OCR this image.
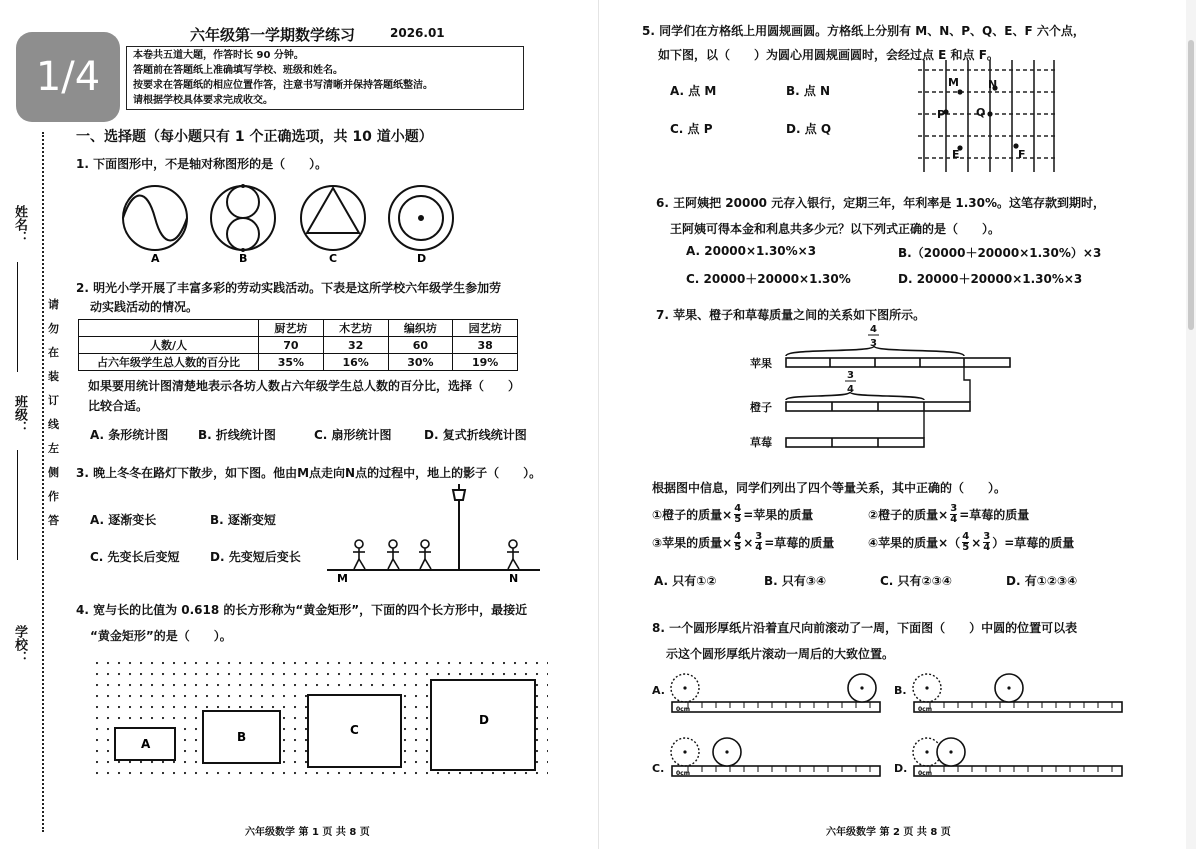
1/4
姓名：
班级：
学校：
请
勿
在
装
订
线
左
侧
作
答
六年级第一学期数学练习	2026.01
本卷共五道大题，作答时长 90 分钟。
答题前在答题纸上准确填写学校、班级和姓名。
按要求在答题纸的相应位置作答，注意书写清晰并保持答题纸整洁。
请根据学校具体要求完成收交。
一、选择题（每小题只有 1 个正确选项，共 10 道小题）
1. 下面图形中，不是轴对称图形的是（　　）。
A	B	C	D
2. 明光小学开展了丰富多彩的劳动实践活动。下表是这所学校六年级学生参加劳
动实践活动的情况。
	厨艺坊	木艺坊	编织坊	园艺坊
人数/人	70	32	60	38
占六年级学生总人数的百分比	35%	16%	30%	19%
如果要用统计图清楚地表示各坊人数占六年级学生总人数的百分比，选择（　　）
比较合适。
A. 条形统计图 B. 折线统计图	C. 扇形统计图	D. 复式折线统计图
3. 晚上冬冬在路灯下散步，如下图。他由M点走向N点的过程中，地上的影子（　　）。
A. 逐渐变长	B. 逐渐变短
C. 先变长后变短	D. 先变短后变长
M	N
4. 宽与长的比值为 0.618 的长方形称为“黄金矩形”，下面的四个长方形中，最接近
“黄金矩形”的是（　　）。
A	B	C
D
六年级数学 第 1 页 共 8 页
5. 同学们在方格纸上用圆规画圆。方格纸上分别有 M、N、P、Q、E、F 六个点，
如下图，以（　　）为圆心用圆规画圆时，会经过点 E 和点 F。
A. 点 M	B. 点 N
C. 点 P	D. 点 Q
M	N
P	Q
E	F
6. 王阿姨把 20000 元存入银行，定期三年，年利率是 1.30%。这笔存款到期时，
王阿姨可得本金和利息共多少元？以下列式正确的是（　　）。
A. 20000×1.30%×3	B.（20000＋20000×1.30%）×3
C. 20000＋20000×1.30%	D. 20000＋20000×1.30%×3
7. 苹果、橙子和草莓质量之间的关系如下图所示。
苹果
橙子
草莓
4
3
3
4
根据图中信息，同学们列出了四个等量关系，其中正确的（　　）。
①橙子的质量× $\frac{4}{5}$ =苹果的质量	②橙子的质量× $\frac{3}{4}$ =草莓的质量
③苹果的质量× $\frac{4}{5} \times \frac{3}{4}$ =草莓的质量	④苹果的质量×（ $\frac{4}{5} \times \frac{3}{4}$ ）=草莓的质量
A. 只有①②	B. 只有③④	C. 只有②③④	D. 有①②③④
8. 一个圆形厚纸片沿着直尺向前滚动了一周，下面图（　　）中圆的位置可以表
示这个圆形厚纸片滚动一周后的大致位置。
A.	B.
C.	D.
0cm	0cm
0cm	0cm
六年级数学 第 2 页 共 8 页
